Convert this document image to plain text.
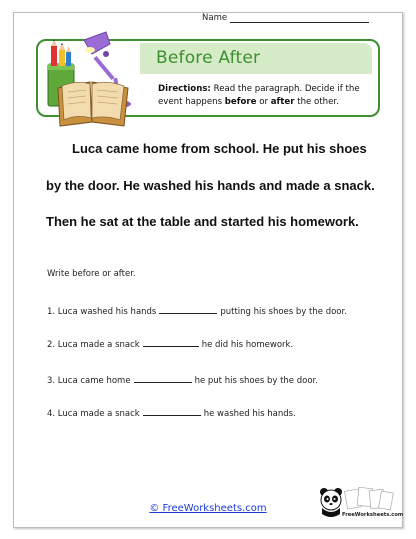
Name
Before After
Directions: Read the paragraph. Decide if the event happens before or after the other.
Luca came home from school. He put his shoes by the door. He washed his hands and made a snack. Then he sat at the table and started his homework.
Write before or after.
1. Luca washed his hands	putting his shoes by the door.
2. Luca made a snack	he did his homework.
3. Luca came home	he put his shoes by the door.
4. Luca made a snack	he washed his hands.
© FreeWorksheets.com
FreeWorksheets.com
